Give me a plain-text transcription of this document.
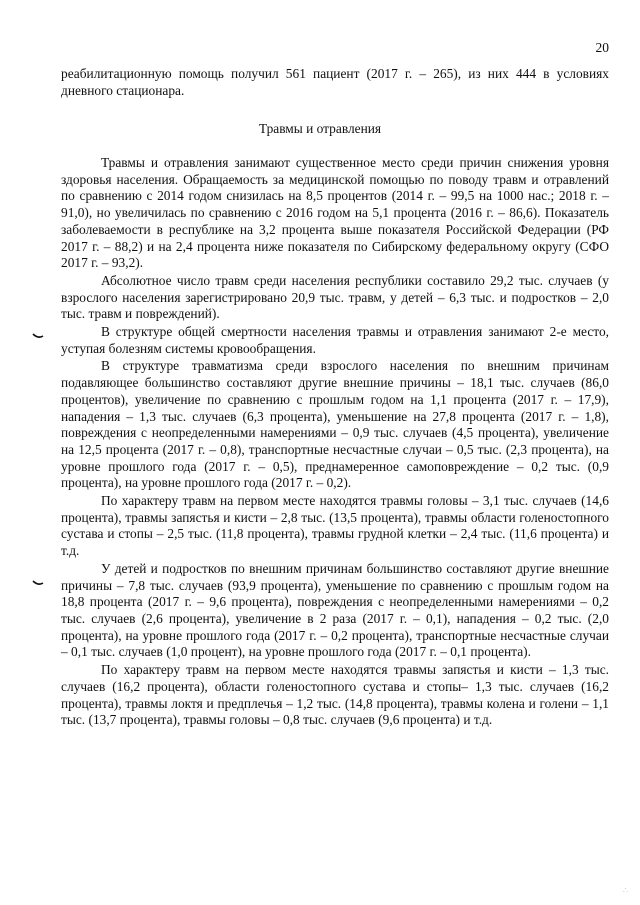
20

реабилитационную помощь получил 561 пациент (2017 г. – 265), из них 444 в условиях дневного стационара.

Травмы и отравления

Травмы и отравления занимают существенное место среди причин снижения уровня здоровья населения. Обращаемость за медицинской помощью по поводу травм и отравлений по сравнению с 2014 годом снизилась на 8,5 процентов (2014 г. – 99,5 на 1000 нас.; 2018 г. – 91,0), но увеличилась по сравнению с 2016 годом на 5,1 процента (2016 г. – 86,6). Показатель заболеваемости в республике на 3,2 процента выше показателя Российской Федерации (РФ 2017 г. – 88,2) и на 2,4 процента ниже показателя по Сибирскому федеральному округу (СФО 2017 г. – 93,2).

Абсолютное число травм среди населения республики составило 29,2 тыс. случаев (у взрослого населения зарегистрировано 20,9 тыс. травм, у детей – 6,3 тыс. и подростков – 2,0 тыс. травм и повреждений).

В структуре общей смертности населения травмы и отравления занимают 2-е место, уступая болезням системы кровообращения.

В структуре травматизма среди взрослого населения по внешним причинам подавляющее большинство составляют другие внешние причины – 18,1 тыс. случаев (86,0 процентов), увеличение по сравнению с прошлым годом на 1,1 процента (2017 г. – 17,9), нападения – 1,3 тыс. случаев (6,3 процента), уменьшение на 27,8 процента (2017 г. – 1,8), повреждения с неопределенными намерениями – 0,9 тыс. случаев (4,5 процента), увеличение на 12,5 процента (2017 г. – 0,8), транспортные несчастные случаи – 0,5 тыс. (2,3 процента), на уровне прошлого года (2017 г. – 0,5), преднамеренное самоповреждение – 0,2 тыс. (0,9 процента), на уровне прошлого года (2017 г. – 0,2).

По характеру травм на первом месте находятся травмы головы – 3,1 тыс. случаев (14,6 процента), травмы запястья и кисти – 2,8 тыс. (13,5 процента), травмы области голеностопного сустава и стопы – 2,5 тыс. (11,8 процента), травмы грудной клетки – 2,4 тыс. (11,6 процента) и т.д.

У детей и подростков по внешним причинам большинство составляют другие внешние причины – 7,8 тыс. случаев (93,9 процента), уменьшение по сравнению с прошлым годом на 18,8 процента (2017 г. – 9,6 процента), повреждения с неопределенными намерениями – 0,2 тыс. случаев (2,6 процента), увеличение в 2 раза (2017 г. – 0,1), нападения – 0,2 тыс. (2,0 процента), на уровне прошлого года (2017 г. – 0,2 процента), транспортные несчастные случаи – 0,1 тыс. случаев (1,0 процент), на уровне прошлого года (2017 г. – 0,1 процента).

По характеру травм на первом месте находятся травмы запястья и кисти – 1,3 тыс. случаев (16,2 процента), области голеностопного сустава и стопы– 1,3 тыс. случаев (16,2 процента), травмы локтя и предплечья – 1,2 тыс. (14,8 процента), травмы колена и голени – 1,1 тыс. (13,7 процента), травмы головы – 0,8 тыс. случаев (9,6 процента) и т.д.

∴
